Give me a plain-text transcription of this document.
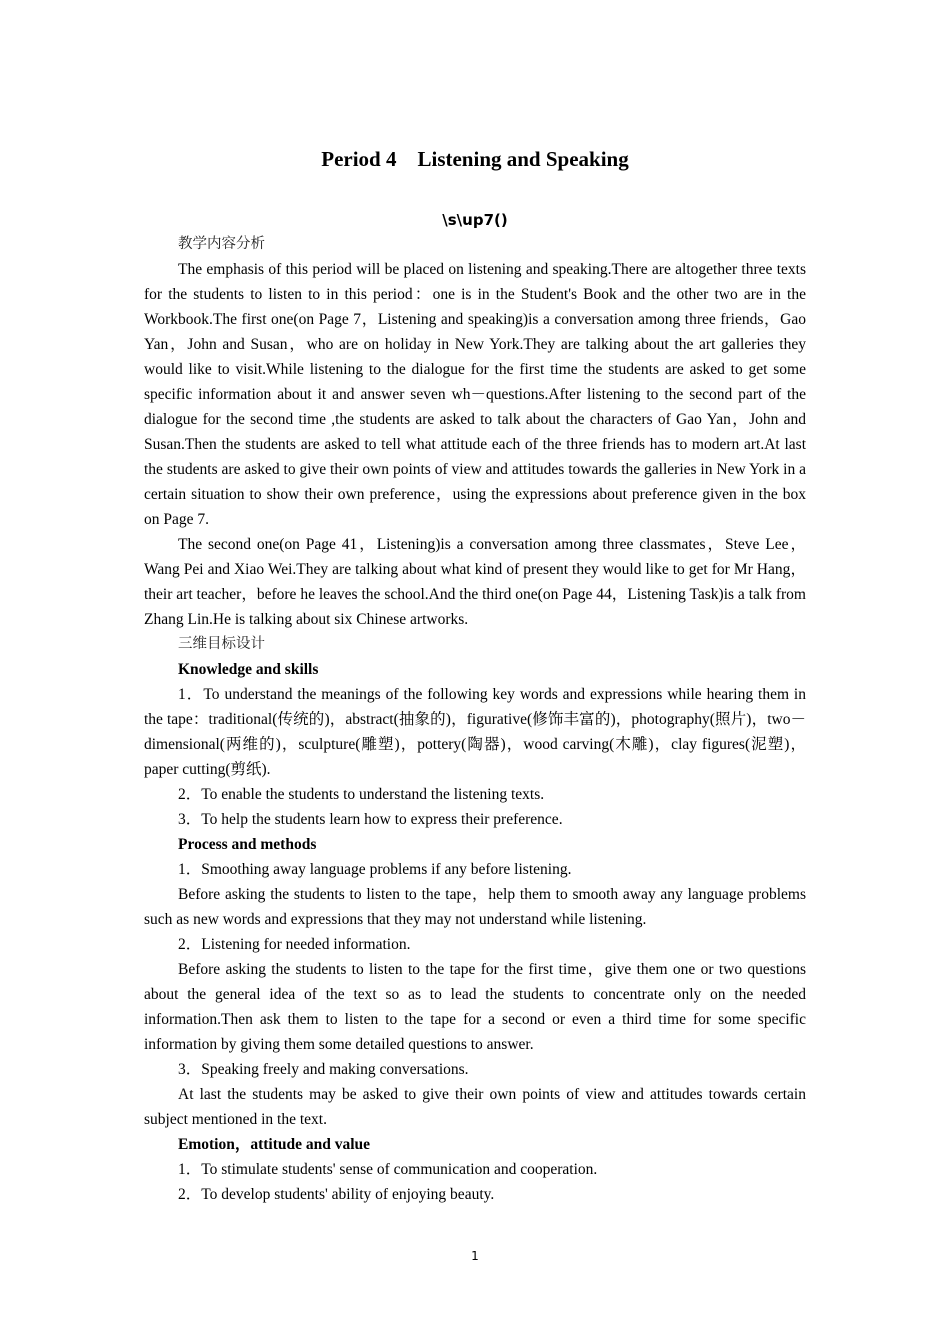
Period 4　Listening and Speaking
\s\up7()

教学内容分析

The emphasis of this period will be placed on listening and speaking.There are altogether three texts for the students to listen to in this period：one is in the Student's Book and the other two are in the Workbook.The first one(on Page 7，Listening and speaking)is a conversation among three friends，Gao Yan，John and Susan，who are on holiday in New York.They are talking about the art galleries they would like to visit.While listening to the dialogue for the first time the students are asked to get some specific information about it and answer seven wh－questions.After listening to the second part of the dialogue for the second time ,the students are asked to talk about the characters of Gao Yan，John and Susan.Then the students are asked to tell what attitude each of the three friends has to modern art.At last the students are asked to give their own points of view and attitudes towards the galleries in New York in a certain situation to show their own preference，using the expressions about preference given in the box on Page 7.

The second one(on Page 41，Listening)is a conversation among three classmates，Steve Lee，Wang Pei and Xiao Wei.They are talking about what kind of present they would like to get for Mr Hang，their art teacher，before he leaves the school.And the third one(on Page 44，Listening Task)is a talk from Zhang Lin.He is talking about six Chinese artworks.

三维目标设计

Knowledge and skills

1．To understand the meanings of the following key words and expressions while hearing them in the tape：traditional(传统的)，abstract(抽象的)，figurative(修饰丰富的)，photography(照片)，two－dimensional(两维的)，sculpture(雕塑)，pottery(陶器)，wood carving(木雕)，clay figures(泥塑)，paper cutting(剪纸).

2．To enable the students to understand the listening texts.

3．To help the students learn how to express their preference.

Process and methods

1．Smoothing away language problems if any before listening.

Before asking the students to listen to the tape，help them to smooth away any language problems such as new words and expressions that they may not understand while listening.

2．Listening for needed information.

Before asking the students to listen to the tape for the first time，give them one or two questions about the general idea of the text so as to lead the students to concentrate only on the needed information.Then ask them to listen to the tape for a second or even a third time for some specific information by giving them some detailed questions to answer.

3．Speaking freely and making conversations.

At last the students may be asked to give their own points of view and attitudes towards certain subject mentioned in the text.

Emotion，attitude and value

1．To stimulate students' sense of communication and cooperation.

2．To develop students' ability of enjoying beauty.

1
